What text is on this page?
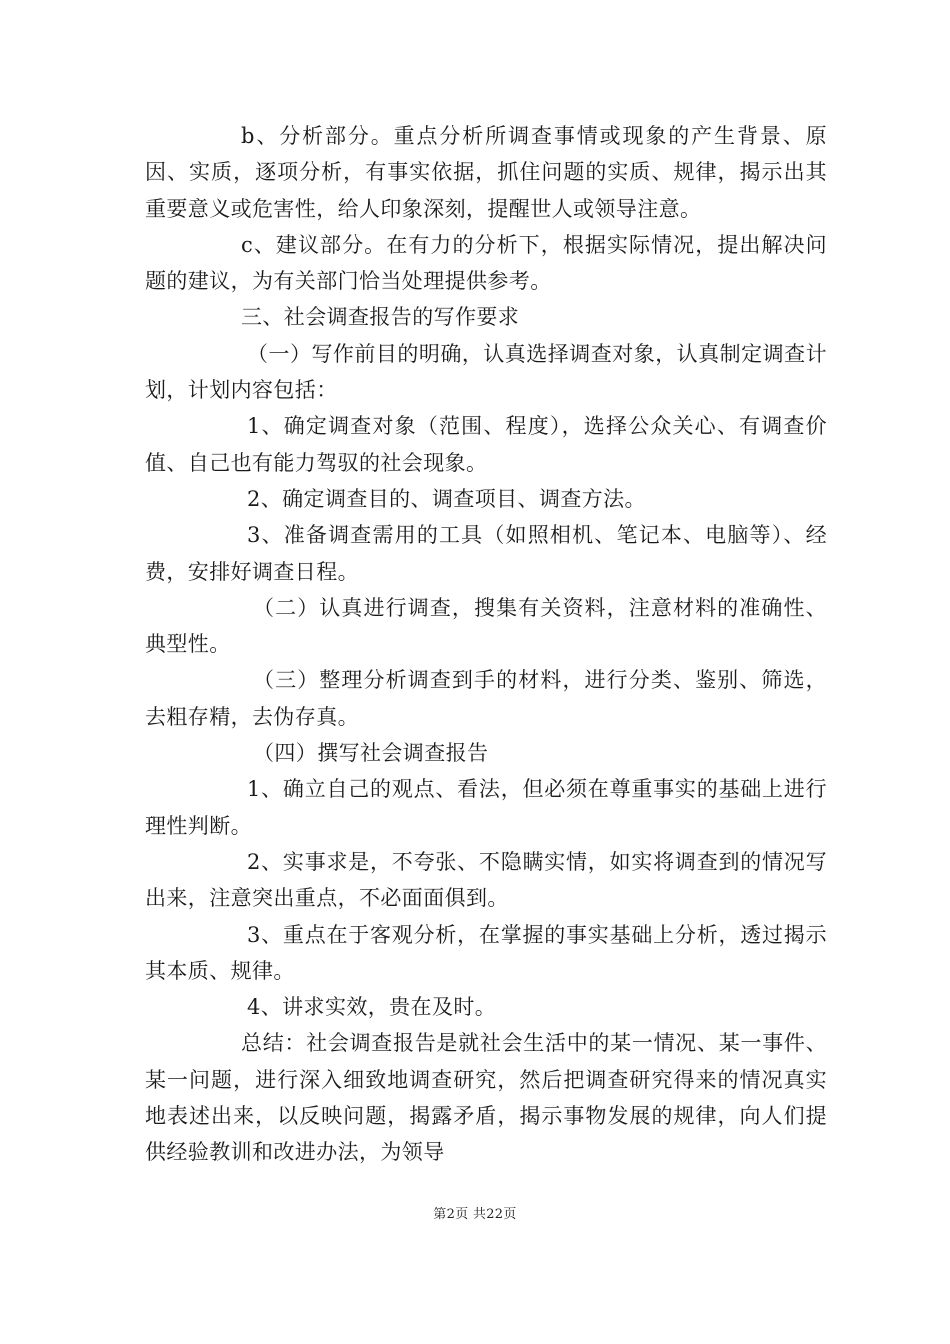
b、分析部分。重点分析所调查事情或现象的产生背景、原因、实质，逐项分析，有事实依据，抓住问题的实质、规律，揭示出其重要意义或危害性，给人印象深刻，提醒世人或领导注意。

c、建议部分。在有力的分析下，根据实际情况，提出解决问题的建议，为有关部门恰当处理提供参考。

三、社会调查报告的写作要求

（一）写作前目的明确，认真选择调查对象，认真制定调查计划，计划内容包括：

1、确定调查对象（范围、程度），选择公众关心、有调查价值、自己也有能力驾驭的社会现象。

2、确定调查目的、调查项目、调查方法。

3、准备调查需用的工具（如照相机、笔记本、电脑等）、经费，安排好调查日程。

（二）认真进行调查，搜集有关资料，注意材料的准确性、典型性。

（三）整理分析调查到手的材料，进行分类、鉴别、筛选，去粗存精，去伪存真。

（四）撰写社会调查报告

1、确立自己的观点、看法，但必须在尊重事实的基础上进行理性判断。

2、实事求是，不夸张、不隐瞒实情，如实将调查到的情况写出来，注意突出重点，不必面面俱到。

3、重点在于客观分析，在掌握的事实基础上分析，透过揭示其本质、规律。

4、讲求实效，贵在及时。

总结：社会调查报告是就社会生活中的某一情况、某一事件、某一问题，进行深入细致地调查研究，然后把调查研究得来的情况真实地表述出来，以反映问题，揭露矛盾，揭示事物发展的规律，向人们提供经验教训和改进办法，为领导

第2页 共22页
